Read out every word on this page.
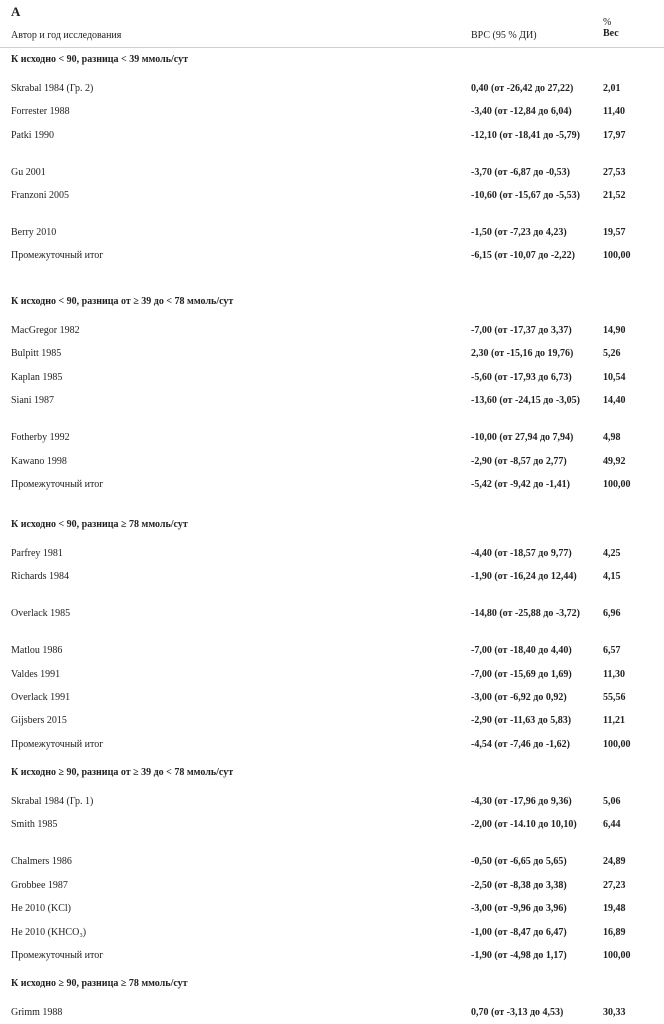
A
Автор и год исследования	ВРС (95 % ДИ)
%
Вес
К исходно < 90, разница < 39 ммоль/сут
Skrabal 1984 (Гр. 2)	0,40 (от -26,42 до 27,22)	2,01
Forrester 1988	-3,40 (от -12,84 до 6,04)	11,40
Patki 1990	-12,10 (от -18,41 до -5,79)	17,97
Gu 2001	-3,70 (от -6,87 до -0,53)	27,53
Franzoni 2005	-10,60 (от -15,67 до -5,53)	21,52
Berry 2010	-1,50 (от -7,23 до 4,23)	19,57
Промежуточный итог	-6,15 (от -10,07 до -2,22)	100,00
К исходно < 90, разница от ≥ 39 до < 78 ммоль/сут
MacGregor 1982	-7,00 (от -17,37 до 3,37)	14,90
Bulpitt 1985	2,30 (от -15,16 до 19,76)	5,26
Kaplan 1985	-5,60 (от -17,93 до 6,73)	10,54
Siani 1987	-13,60 (от -24,15 до -3,05)	14,40
Fotherby 1992	-10,00 (от 27,94 до 7,94)	4,98
Kawano 1998	-2,90 (от -8,57 до 2,77)	49,92
Промежуточный итог	-5,42 (от -9,42 до -1,41)	100,00
К исходно < 90, разница ≥ 78 ммоль/сут
Parfrey 1981	-4,40 (от -18,57 до 9,77)	4,25
Richards 1984	-1,90 (от -16,24 до 12,44)	4,15
Overlack 1985	-14,80 (от -25,88 до -3,72)	6,96
Matlou 1986	-7,00 (от -18,40 до 4,40)	6,57
Valdes 1991	-7,00 (от -15,69 до 1,69)	11,30
Overlack 1991	-3,00 (от -6,92 до 0,92)	55,56
Gijsbers 2015	-2,90 (от -11,63 до 5,83)	11,21
Промежуточный итог	-4,54 (от -7,46 до -1,62)	100,00
К исходно ≥ 90, разница от ≥ 39 до < 78 ммоль/сут
Skrabal 1984 (Гр. 1)	-4,30 (от -17,96 до 9,36)	5,06
Smith 1985	-2,00 (от -14.10 до 10,10)	6,44
Chalmers 1986	-0,50 (от -6,65 до 5,65)	24,89
Grobbee 1987	-2,50 (от -8,38 до 3,38)	27,23
He 2010 (KCl)	-3,00 (от -9,96 до 3,96)	19,48
He 2010 (KHCO₃)	-1,00 (от -8,47 до 6,47)	16,89
Промежуточный итог	-1,90 (от -4,98 до 1,17)	100,00
К исходно ≥ 90, разница ≥ 78 ммоль/сут
Grimm 1988	0,70 (от -3,13 до 4,53)	30,33
